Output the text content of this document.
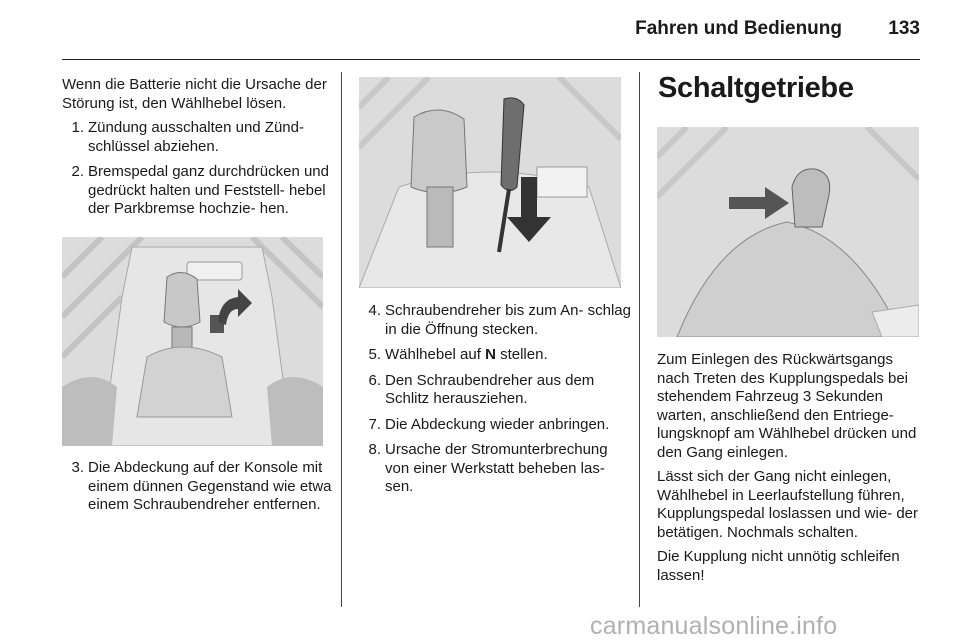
Fahren und Bedienung 133

Wenn die Batterie nicht die Ursache der Störung ist, den Wählhebel lösen.

1. Zündung ausschalten und Zünd- schlüssel abziehen.
2. Bremspedal ganz durchdrücken und gedrückt halten und Feststell- hebel der Parkbremse hochzie- hen.
3. Die Abdeckung auf der Konsole mit einem dünnen Gegenstand wie etwa einem Schraubendreher entfernen.
4. Schraubendreher bis zum An- schlag in die Öffnung stecken.
5. Wählhebel auf N stellen.
6. Den Schraubendreher aus dem Schlitz herausziehen.
7. Die Abdeckung wieder anbringen.
8. Ursache der Stromunterbrechung von einer Werkstatt beheben las- sen.
Schaltgetriebe

Zum Einlegen des Rückwärtsgangs nach Treten des Kupplungspedals bei stehendem Fahrzeug 3 Sekunden warten, anschließend den Entriege- lungsknopf am Wählhebel drücken und den Gang einlegen.

Lässt sich der Gang nicht einlegen, Wählhebel in Leerlaufstellung führen, Kupplungspedal loslassen und wie- der betätigen. Nochmals schalten.

Die Kupplung nicht unnötig schleifen lassen!

carmanualsonline.info
